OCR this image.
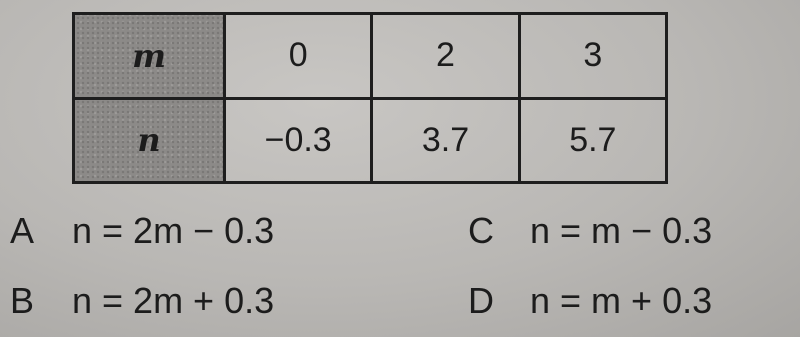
m	0	2	3
n	−0.3	3.7	5.7
A n = 2m − 0.3
B n = 2m + 0.3
C n = m − 0.3
D n = m + 0.3
